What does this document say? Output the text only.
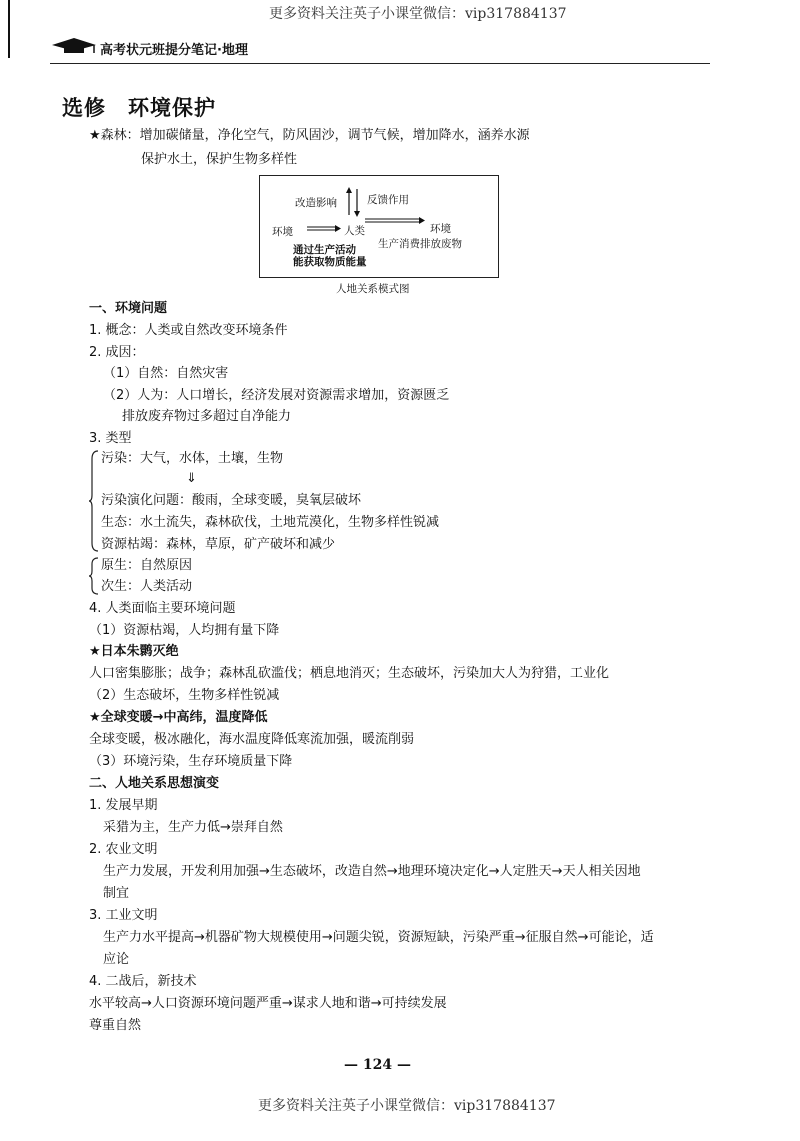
更多资料关注英子小课堂微信：vip317884137
高考状元班提分笔记·地理
选修　环境保护
★森林：增加碳储量，净化空气，防风固沙，调节气候，增加降水，涵养水源
保护水土，保护生物多样性
改造影响	反馈作用
环境	人类	环境
生产消费排放废物
通过生产活动
能获取物质能量
人地关系模式图
一、环境问题
1. 概念：人类或自然改变环境条件
2. 成因：
（1）自然：自然灾害
（2）人为：人口增长，经济发展对资源需求增加，资源匮乏
排放废弃物过多超过自净能力
3. 类型
污染：大气，水体，土壤，生物
⇓
污染演化问题：酸雨，全球变暖，臭氧层破坏
生态：水土流失，森林砍伐，土地荒漠化，生物多样性锐减
资源枯竭：森林，草原，矿产破坏和减少
原生：自然原因
次生：人类活动
4. 人类面临主要环境问题
（1）资源枯竭，人均拥有量下降
★日本朱鹮灭绝
人口密集膨胀；战争；森林乱砍滥伐；栖息地消灭；生态破坏，污染加大人为狩猎，工业化
（2）生态破坏，生物多样性锐减
★全球变暖→中高纬，温度降低
全球变暖，极冰融化，海水温度降低寒流加强，暖流削弱
（3）环境污染，生存环境质量下降
二、人地关系思想演变
1. 发展早期
采猎为主，生产力低→崇拜自然
2. 农业文明
生产力发展，开发利用加强→生态破坏，改造自然→地理环境决定化→人定胜天→天人相关因地
制宜
3. 工业文明
生产力水平提高→机器矿物大规模使用→问题尖锐，资源短缺，污染严重→征服自然→可能论，适
应论
4. 二战后，新技术
水平较高→人口资源环境问题严重→谋求人地和谐→可持续发展
尊重自然
— 124 —
更多资料关注英子小课堂微信：vip317884137
